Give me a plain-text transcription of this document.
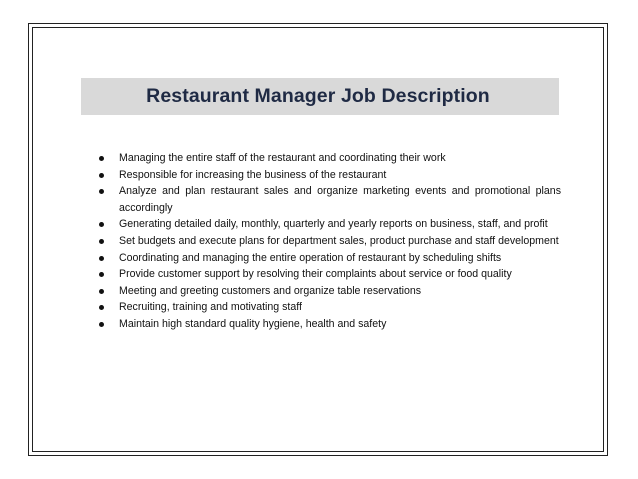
Restaurant Manager Job Description
Managing the entire staff of the restaurant and coordinating their work
Responsible for increasing the business of the restaurant
Analyze and plan restaurant sales and organize marketing events and promotional plans accordingly
Generating detailed daily, monthly, quarterly and yearly reports on business, staff, and profit
Set budgets and execute plans for department sales, product purchase and staff development
Coordinating and managing the entire operation of restaurant by scheduling shifts
Provide customer support by resolving their complaints about service or food quality
Meeting and greeting customers and organize table reservations
Recruiting, training and motivating staff
Maintain high standard quality hygiene, health and safety
